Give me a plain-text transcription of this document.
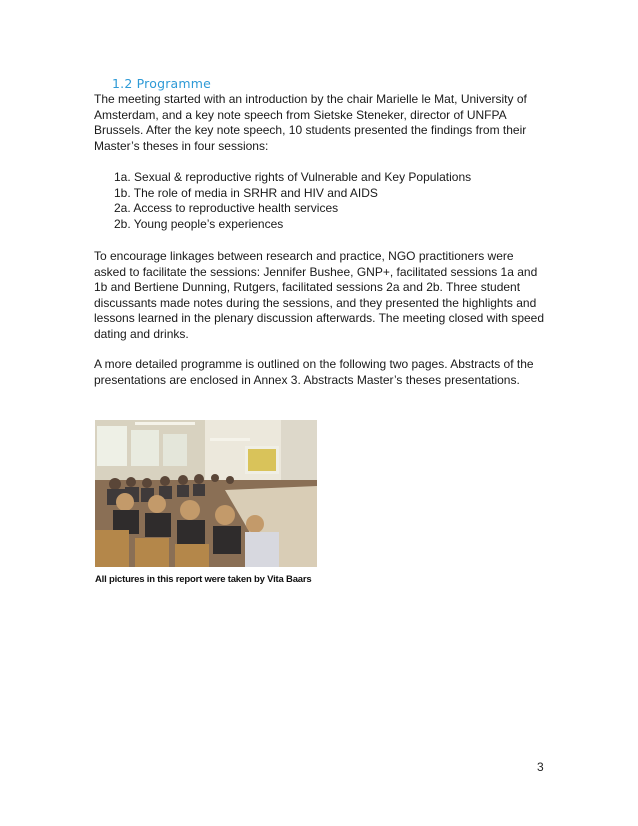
1.2 Programme

The meeting started with an introduction by the chair Marielle le Mat, University of Amsterdam, and a key note speech from Sietske Steneker, director of UNFPA Brussels. After the key note speech, 10 students presented the findings from their Master’s theses in four sessions:

1a. Sexual & reproductive rights of Vulnerable and Key Populations
1b. The role of media in SRHR and HIV and AIDS
2a. Access to reproductive health services
2b. Young people’s experiences

To encourage linkages between research and practice, NGO practitioners were asked to facilitate the sessions: Jennifer Bushee, GNP+, facilitated sessions 1a and 1b and Bertiene Dunning, Rutgers, facilitated sessions 2a and 2b. Three student discussants made notes during the sessions, and they presented the highlights and lessons learned in the plenary discussion afterwards. The meeting closed with speed dating and drinks.

A more detailed programme is outlined on the following two pages. Abstracts of the presentations are enclosed in Annex 3. Abstracts Master’s theses presentations.

All pictures in this report were taken by Vita Baars
3
